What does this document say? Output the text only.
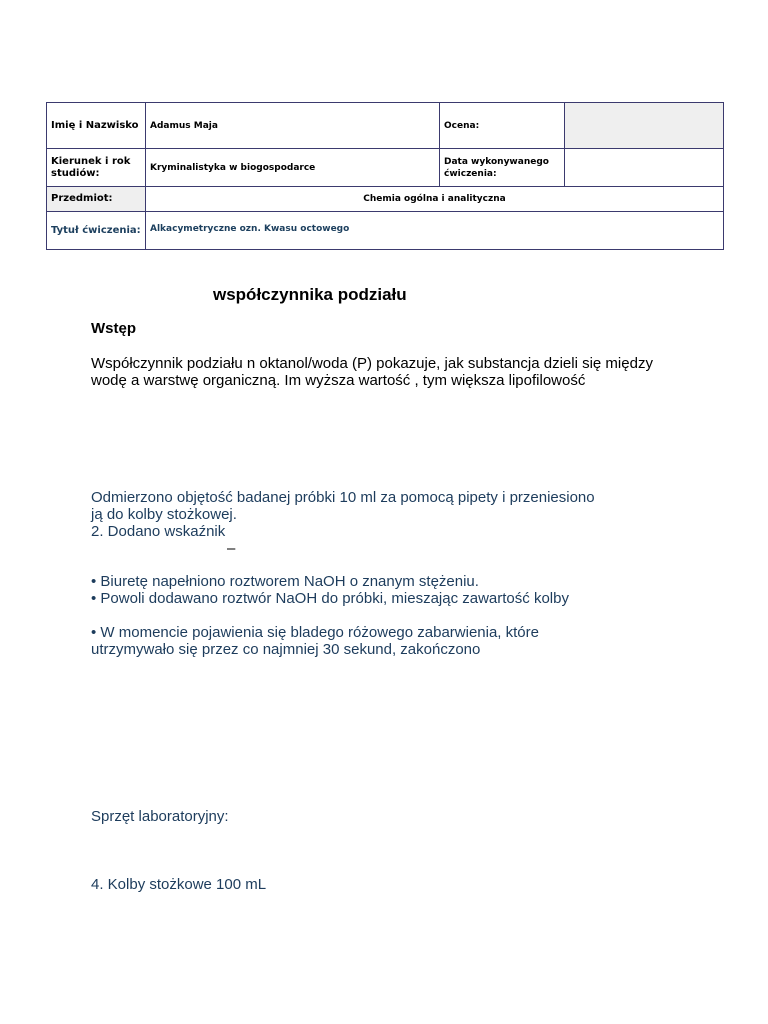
Imię i Nazwisko	Adamus Maja	Ocena:	
Kierunek i rok studiów:	Kryminalistyka w biogospodarce	Data wykonywanego ćwiczenia:	
Przedmiot:	Chemia ogólna i analityczna		
Tytuł ćwiczenia:	Alkacymetryczne ozn. Kwasu octowego		
współczynnika podziału
Wstęp
Współczynnik podziału n oktanol/woda (P) pokazuje, jak substancja dzieli się między
wodę a warstwę organiczną. Im wyższa wartość , tym większa lipofilowość
Odmierzono objętość badanej próbki 10 ml za pomocą pipety i przeniesiono
ją do kolby stożkowej.
2. Dodano wskaźnik
–
• Biuretę napełniono roztworem NaOH o znanym stężeniu.
• Powoli dodawano roztwór NaOH do próbki, mieszając zawartość kolby
• W momencie pojawienia się bladego różowego zabarwienia, które
utrzymywało się przez co najmniej 30 sekund, zakończono
Sprzęt laboratoryjny:
4. Kolby stożkowe 100 mL
